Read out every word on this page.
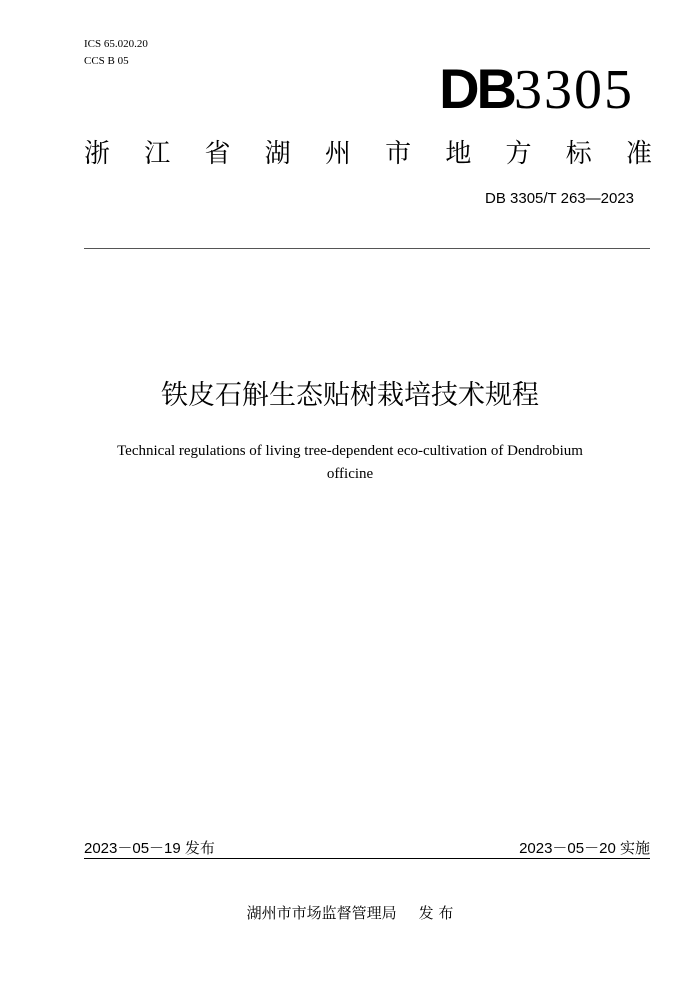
ICS 65.020.20
CCS B 05	DB3305
浙 江 省 湖 州 市 地 方 标 准
DB 3305/T 263—2023
铁皮石斛生态贴树栽培技术规程
Technical regulations of living tree-dependent eco-cultivation of Dendrobium
officine
2023－05－19 发布	2023－05－20 实施
湖州市市场监督管理局 发 布
